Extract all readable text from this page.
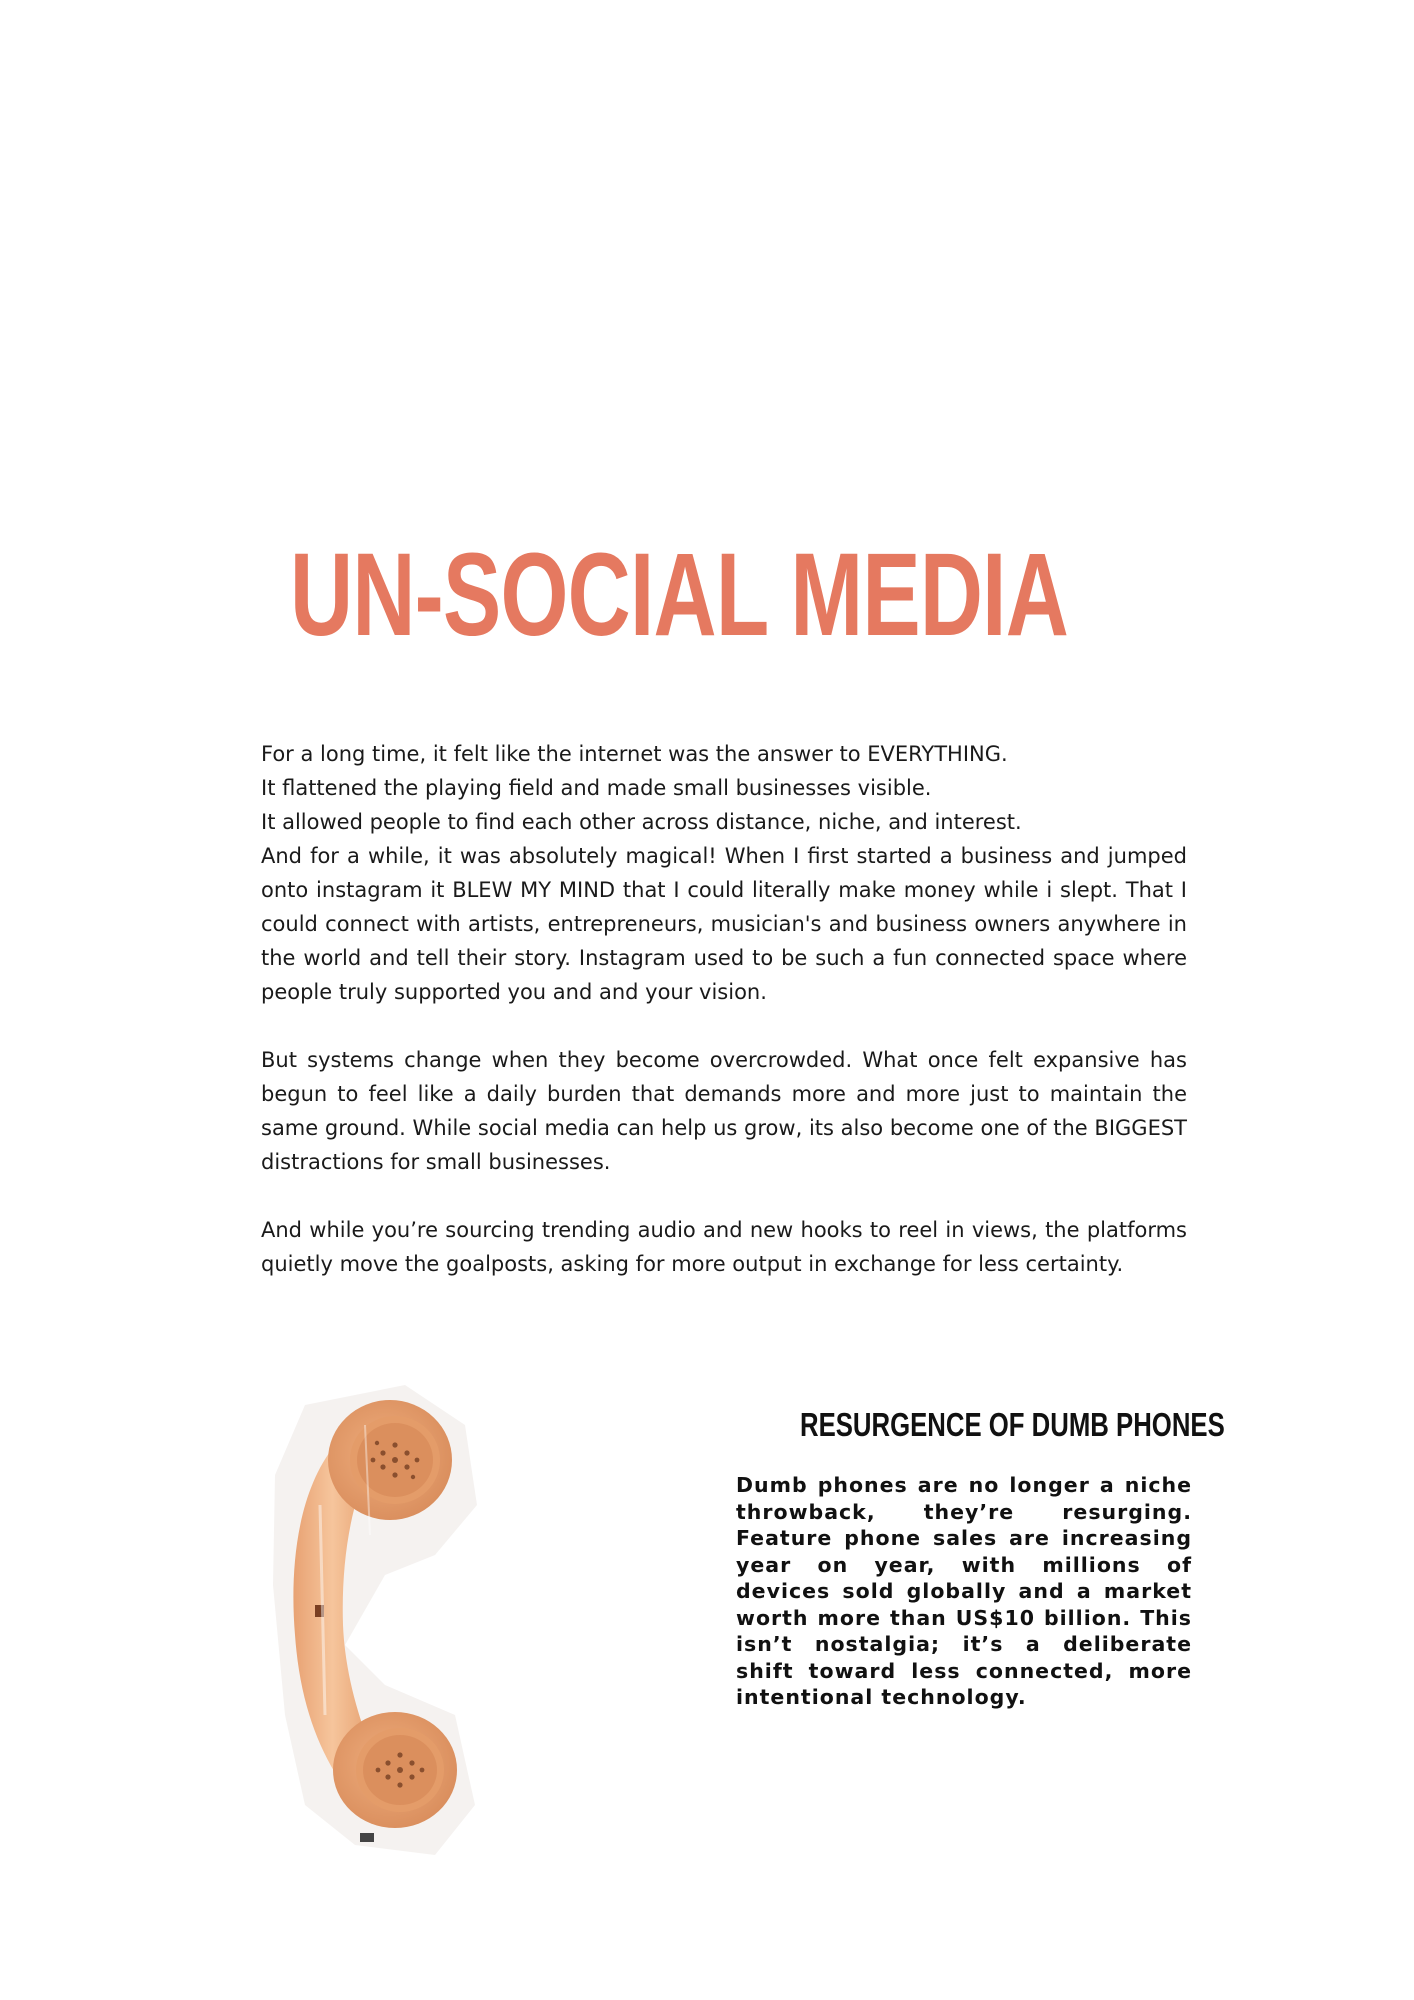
UN-SOCIAL MEDIA

For a long time, it felt like the internet was the answer to EVERYTHING.

It flattened the playing field and made small businesses visible.

It allowed people to find each other across distance, niche, and interest.

And for a while, it was absolutely magical! When I first started a business and jumped onto instagram it BLEW MY MIND that I could literally make money while i slept. That I could connect with artists, entrepreneurs, musician's and business owners anywhere in the world and tell their story. Instagram used to be such a fun connected space where people truly supported you and and your vision.

But systems change when they become overcrowded. What once felt expansive has begun to feel like a daily burden that demands more and more just to maintain the same ground. While social media can help us grow, its also become one of the BIGGEST distractions for small businesses.

And while you’re sourcing trending audio and new hooks to reel in views, the platforms quietly move the goalposts, asking for more output in exchange for less certainty.

RESURGENCE OF DUMB PHONES

Dumb phones are no longer a niche throwback, they’re resurging. Feature phone sales are increasing year on year, with millions of devices sold globally and a market worth more than US$10 billion. This isn’t nostalgia; it’s a deliberate shift toward less connected, more intentional technology.
